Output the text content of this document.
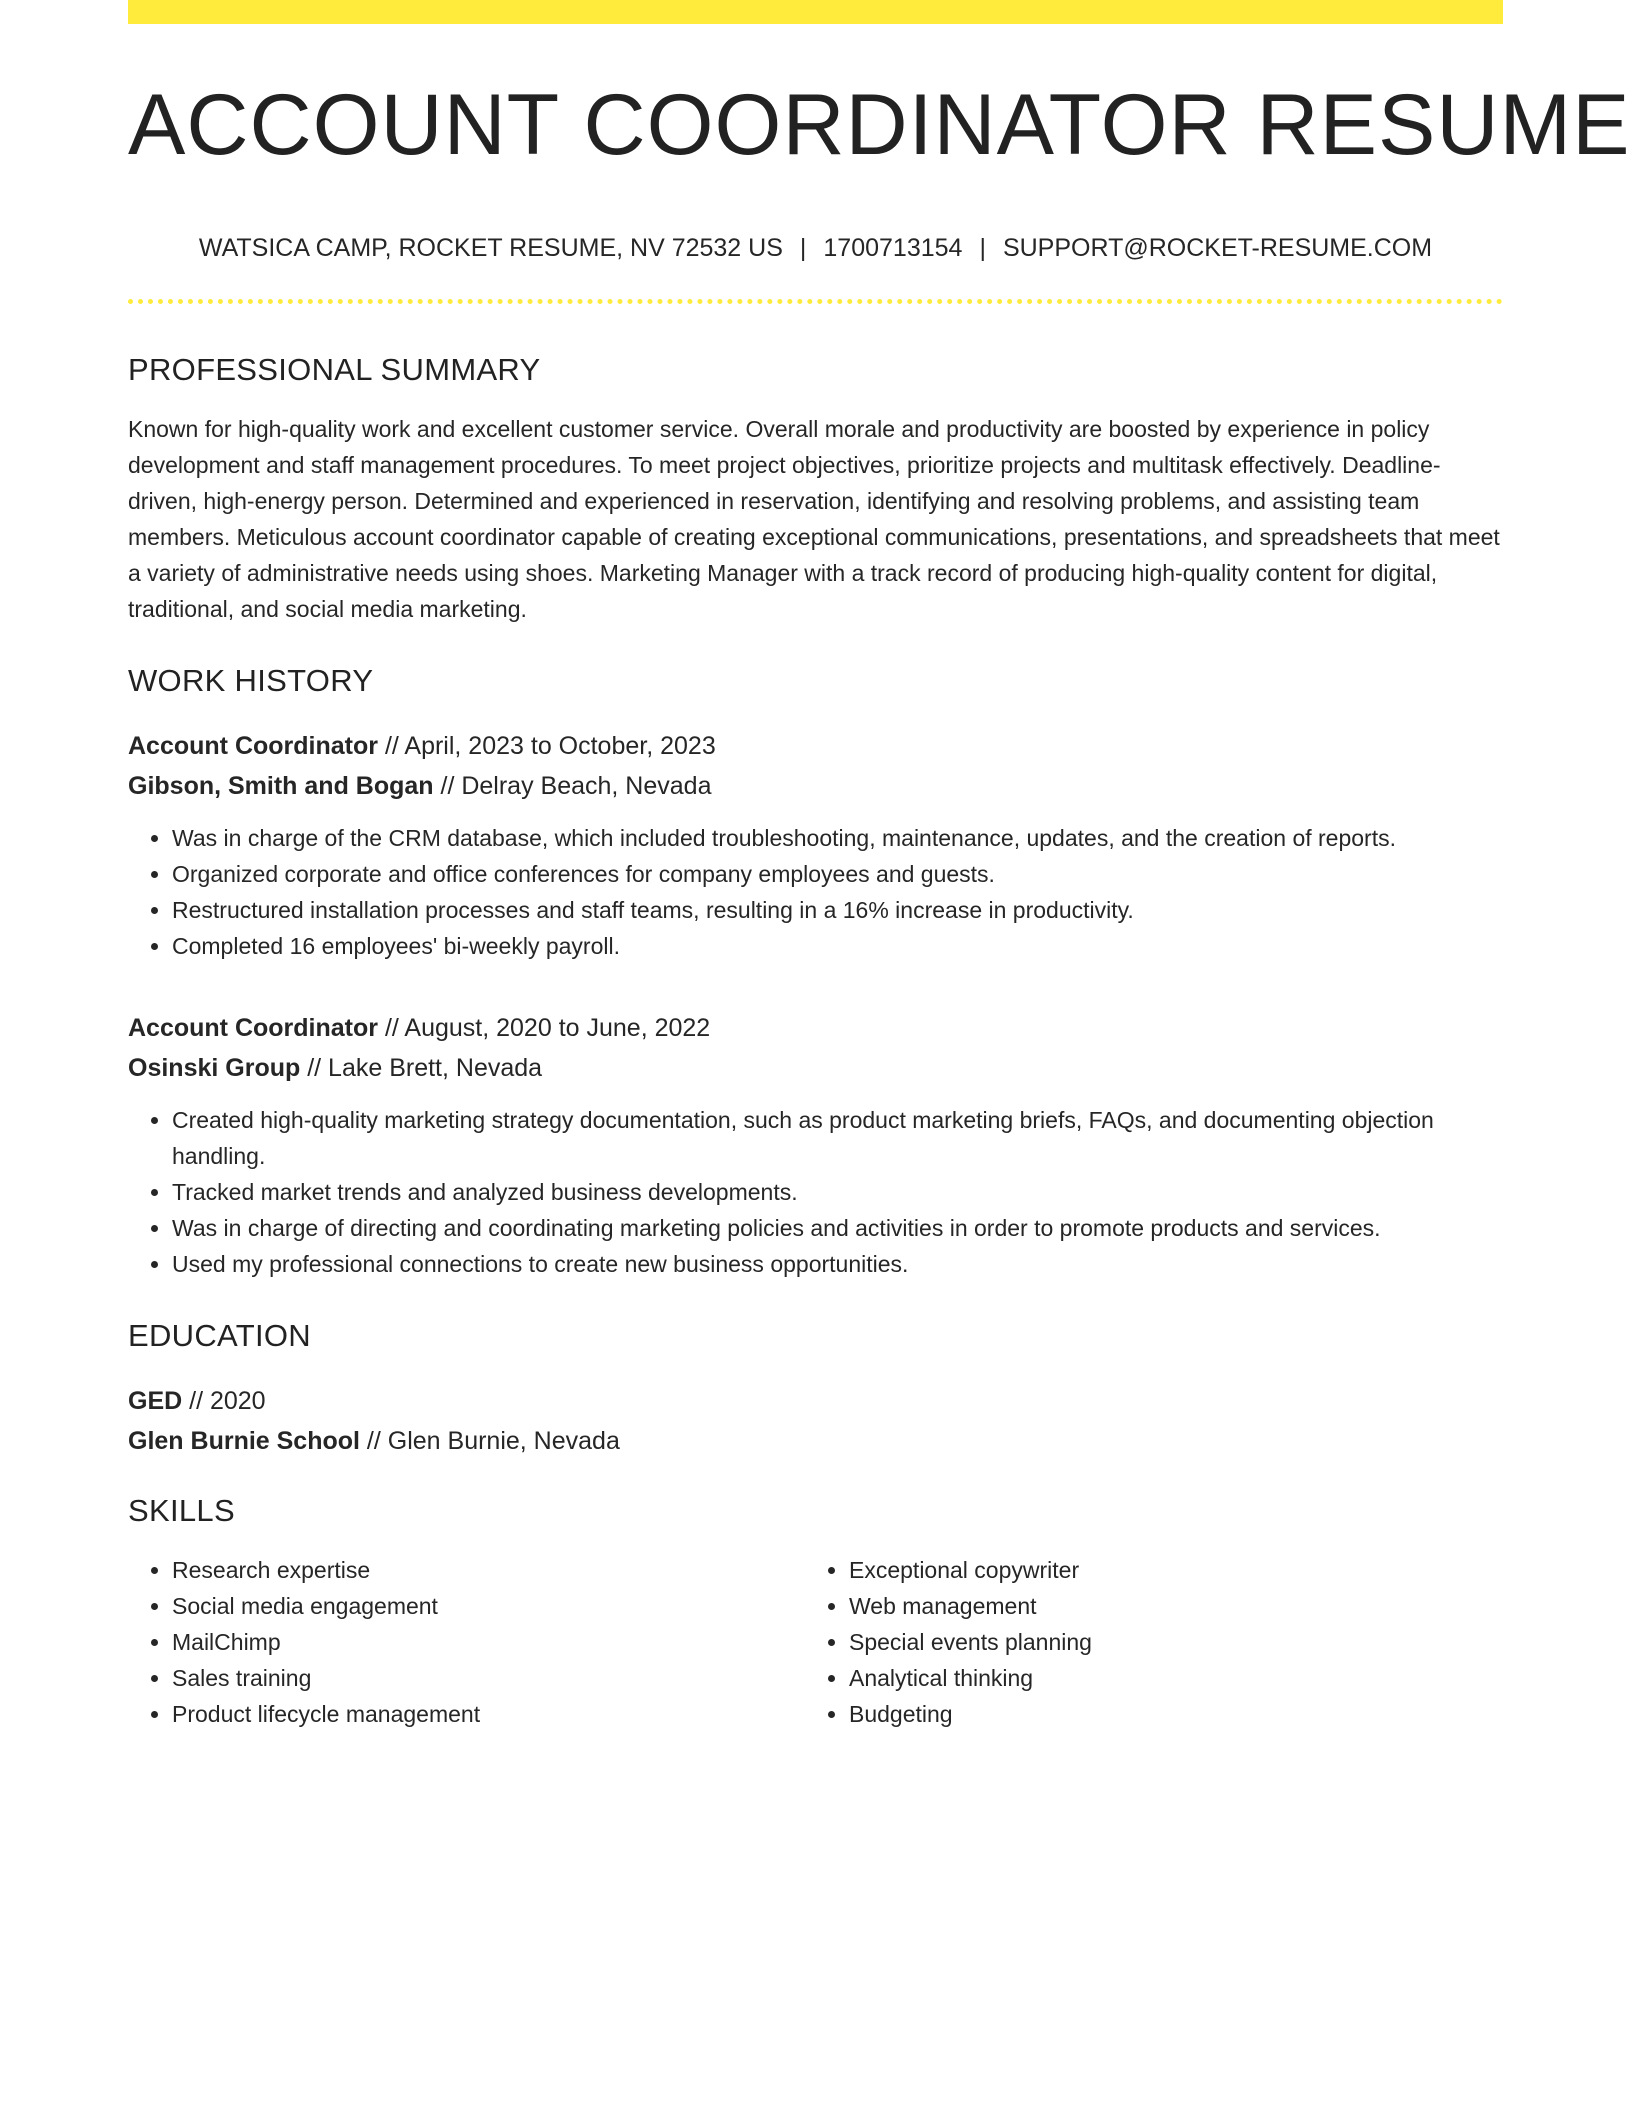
ACCOUNT COORDINATOR RESUME
WATSICA CAMP, ROCKET RESUME, NV 72532 US | 1700713154 | SUPPORT@ROCKET-RESUME.COM
PROFESSIONAL SUMMARY

Known for high-quality work and excellent customer service. Overall morale and productivity are boosted by experience in policy development and staff management procedures. To meet project objectives, prioritize projects and multitask effectively. Deadline-driven, high-energy person. Determined and experienced in reservation, identifying and resolving problems, and assisting team members. Meticulous account coordinator capable of creating exceptional communications, presentations, and spreadsheets that meet a variety of administrative needs using shoes. Marketing Manager with a track record of producing high-quality content for digital, traditional, and social media marketing.

WORK HISTORY
Account Coordinator // April, 2023 to October, 2023
Gibson, Smith and Bogan // Delray Beach, Nevada
• Was in charge of the CRM database, which included troubleshooting, maintenance, updates, and the creation of reports.
• Organized corporate and office conferences for company employees and guests.
• Restructured installation processes and staff teams, resulting in a 16% increase in productivity.
• Completed 16 employees' bi-weekly payroll.
Account Coordinator // August, 2020 to June, 2022
Osinski Group // Lake Brett, Nevada
• Created high-quality marketing strategy documentation, such as product marketing briefs, FAQs, and documenting objection handling.
• Tracked market trends and analyzed business developments.
• Was in charge of directing and coordinating marketing policies and activities in order to promote products and services.
• Used my professional connections to create new business opportunities.
EDUCATION
GED // 2020
Glen Burnie School // Glen Burnie, Nevada
SKILLS
• Research expertise
• Social media engagement
• MailChimp
• Sales training
• Product lifecycle management
• Exceptional copywriter
• Web management
• Special events planning
• Analytical thinking
• Budgeting
